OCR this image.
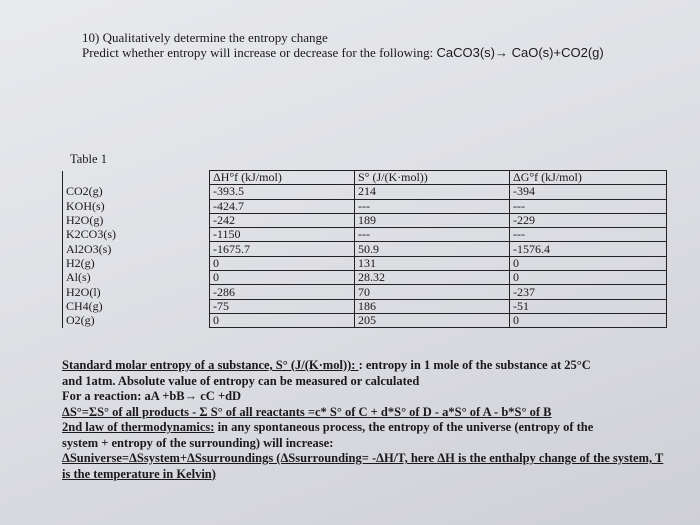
10) Qualitatively determine the entropy change
Predict whether entropy will increase or decrease for the following: CaCO3(s)→ CaO(s)+CO2(g)
Table 1
	ΔH°f (kJ/mol)	S° (J/(K·mol))	ΔG°f (kJ/mol)
CO2(g)	-393.5	214	-394
KOH(s)	-424.7	---	---
H2O(g)	-242	189	-229
K2CO3(s)	-1150	---	---
Al2O3(s)	-1675.7	50.9	-1576.4
H2(g)	0	131	0
Al(s)	0	28.32	0
H2O(l)	-286	70	-237
CH4(g)	-75	186	-51
O2(g)	0	205	0
Standard molar entropy of a substance, S° (J/(K·mol)): : entropy in 1 mole of the substance at 25°C
and 1atm. Absolute value of entropy can be measured or calculated
For a reaction: aA +bB→ cC +dD
ΔS°=ΣS° of all products - Σ S° of all reactants =c* S° of C + d*S° of D - a*S° of A - b*S° of B
2nd law of thermodynamics: in any spontaneous process, the entropy of the universe (entropy of the
system + entropy of the surrounding) will increase:
ΔSuniverse=ΔSsystem+ΔSsurroundings (ΔSsurrounding= -ΔH/T, here ΔH is the enthalpy change of the system, T
is the temperature in Kelvin)
